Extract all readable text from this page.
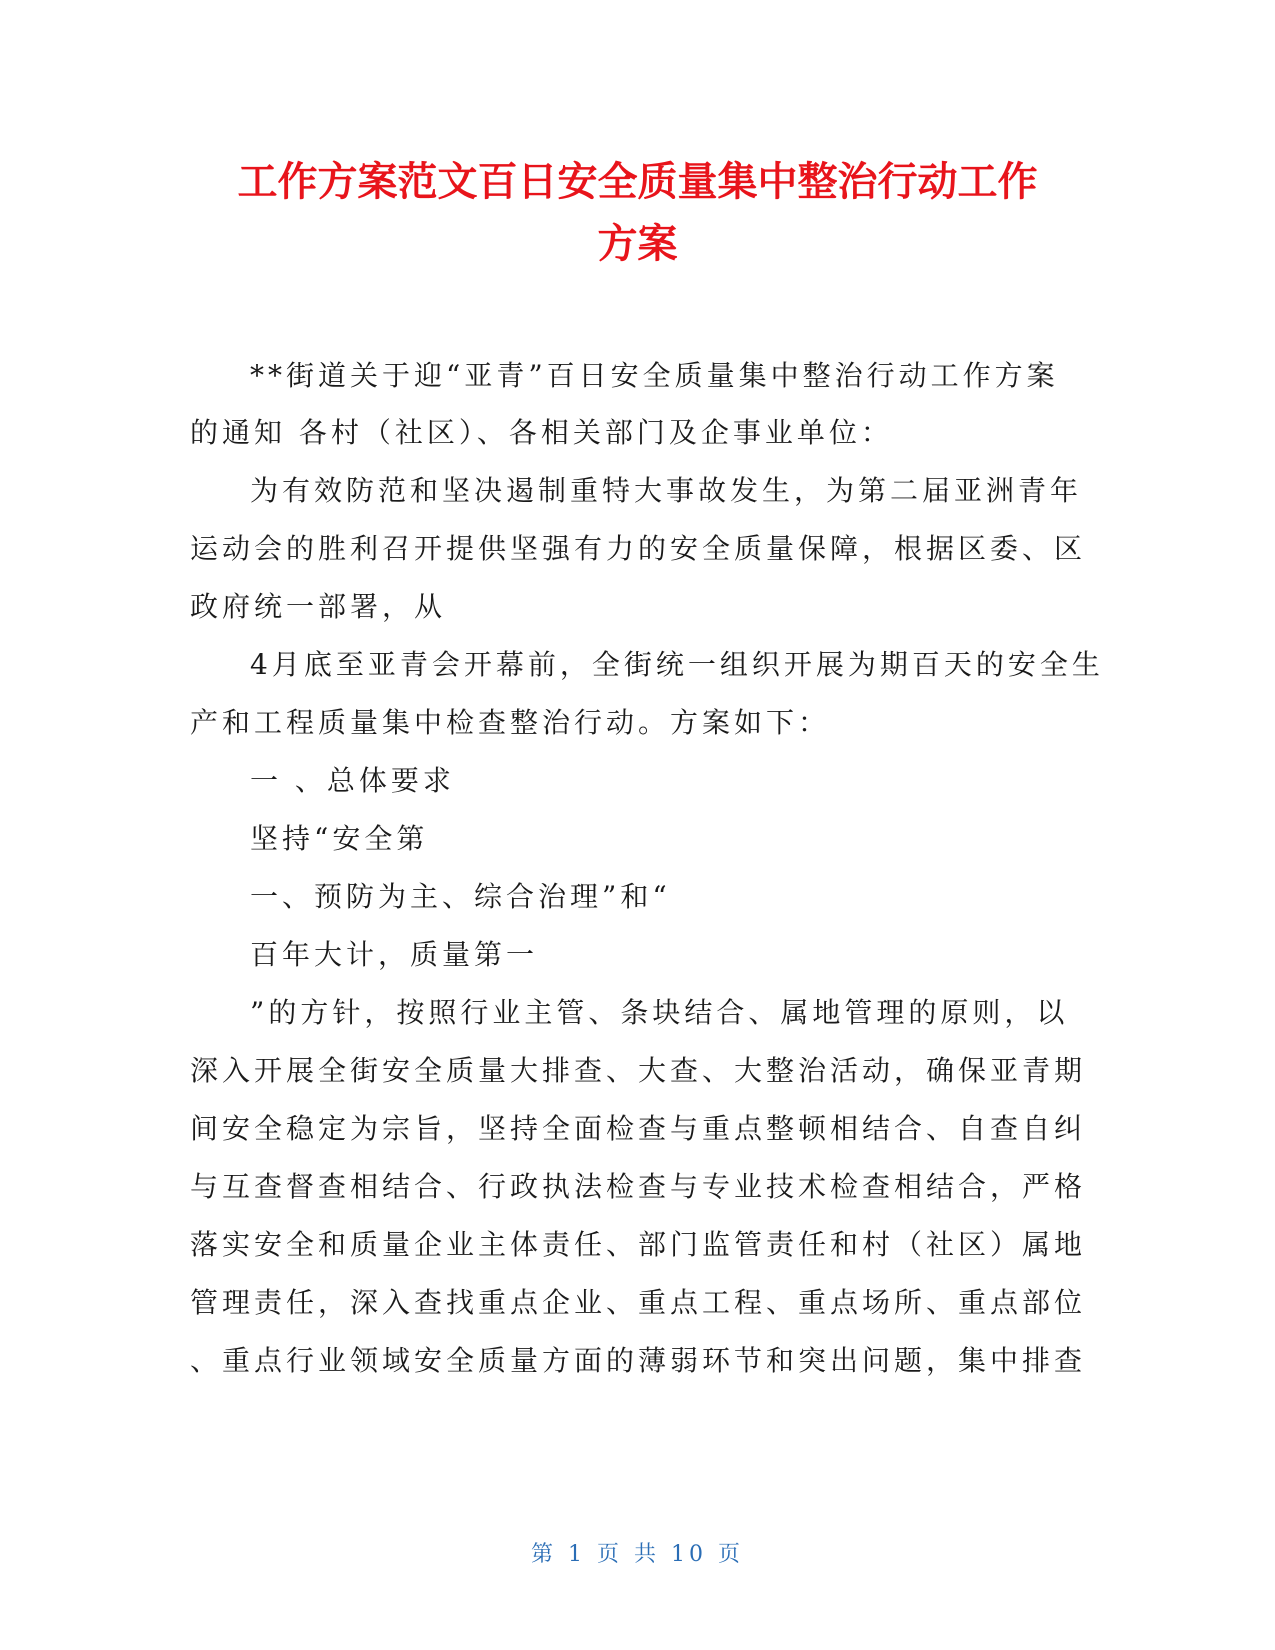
工作方案范文百日安全质量集中整治行动工作
方案
**街道关于迎“亚青”百日安全质量集中整治行动工作方案
的通知 各村（社区）、各相关部门及企事业单位：
为有效防范和坚决遏制重特大事故发生，为第二届亚洲青年
运动会的胜利召开提供坚强有力的安全质量保障，根据区委、区
政府统一部署，从
4月底至亚青会开幕前，全街统一组织开展为期百天的安全生
产和工程质量集中检查整治行动。方案如下：
一 、总体要求
坚持“安全第
一、预防为主、综合治理”和“
百年大计，质量第一
”的方针，按照行业主管、条块结合、属地管理的原则，以
深入开展全街安全质量大排查、大查、大整治活动，确保亚青期
间安全稳定为宗旨，坚持全面检查与重点整顿相结合、自查自纠
与互查督查相结合、行政执法检查与专业技术检查相结合，严格
落实安全和质量企业主体责任、部门监管责任和村（社区）属地
管理责任，深入查找重点企业、重点工程、重点场所、重点部位
、重点行业领域安全质量方面的薄弱环节和突出问题，集中排查
第 1 页 共 10 页
